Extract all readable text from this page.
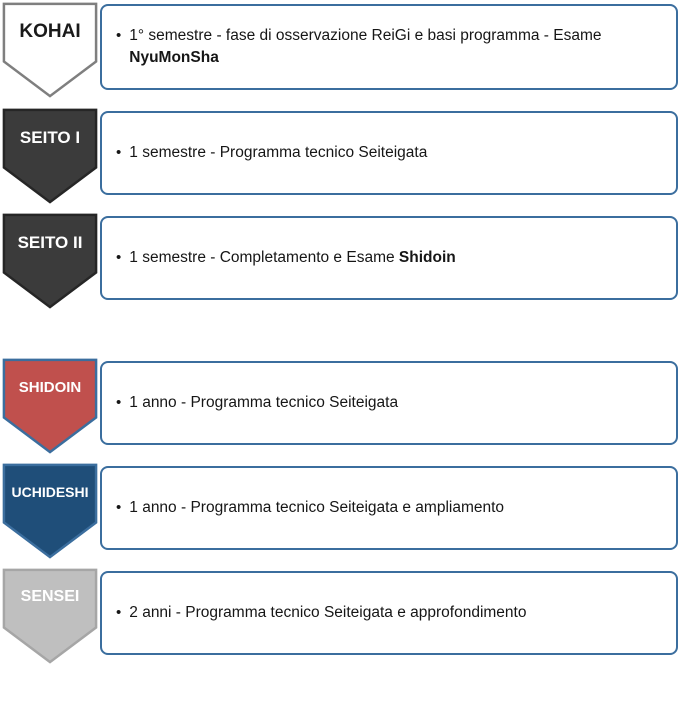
KOHAI	• 1° semestre - fase di osservazione ReiGi e basi programma - Esame NyuMonSha
SEITO I
• 1 semestre - Programma tecnico Seiteigata
SEITO II
• 1 semestre - Completamento e Esame Shidoin
SHIDOIN
• 1 anno - Programma tecnico Seiteigata
UCHIDESHI
• 1 anno - Programma tecnico Seiteigata e ampliamento
SENSEI
• 2 anni - Programma tecnico Seiteigata e approfondimento
